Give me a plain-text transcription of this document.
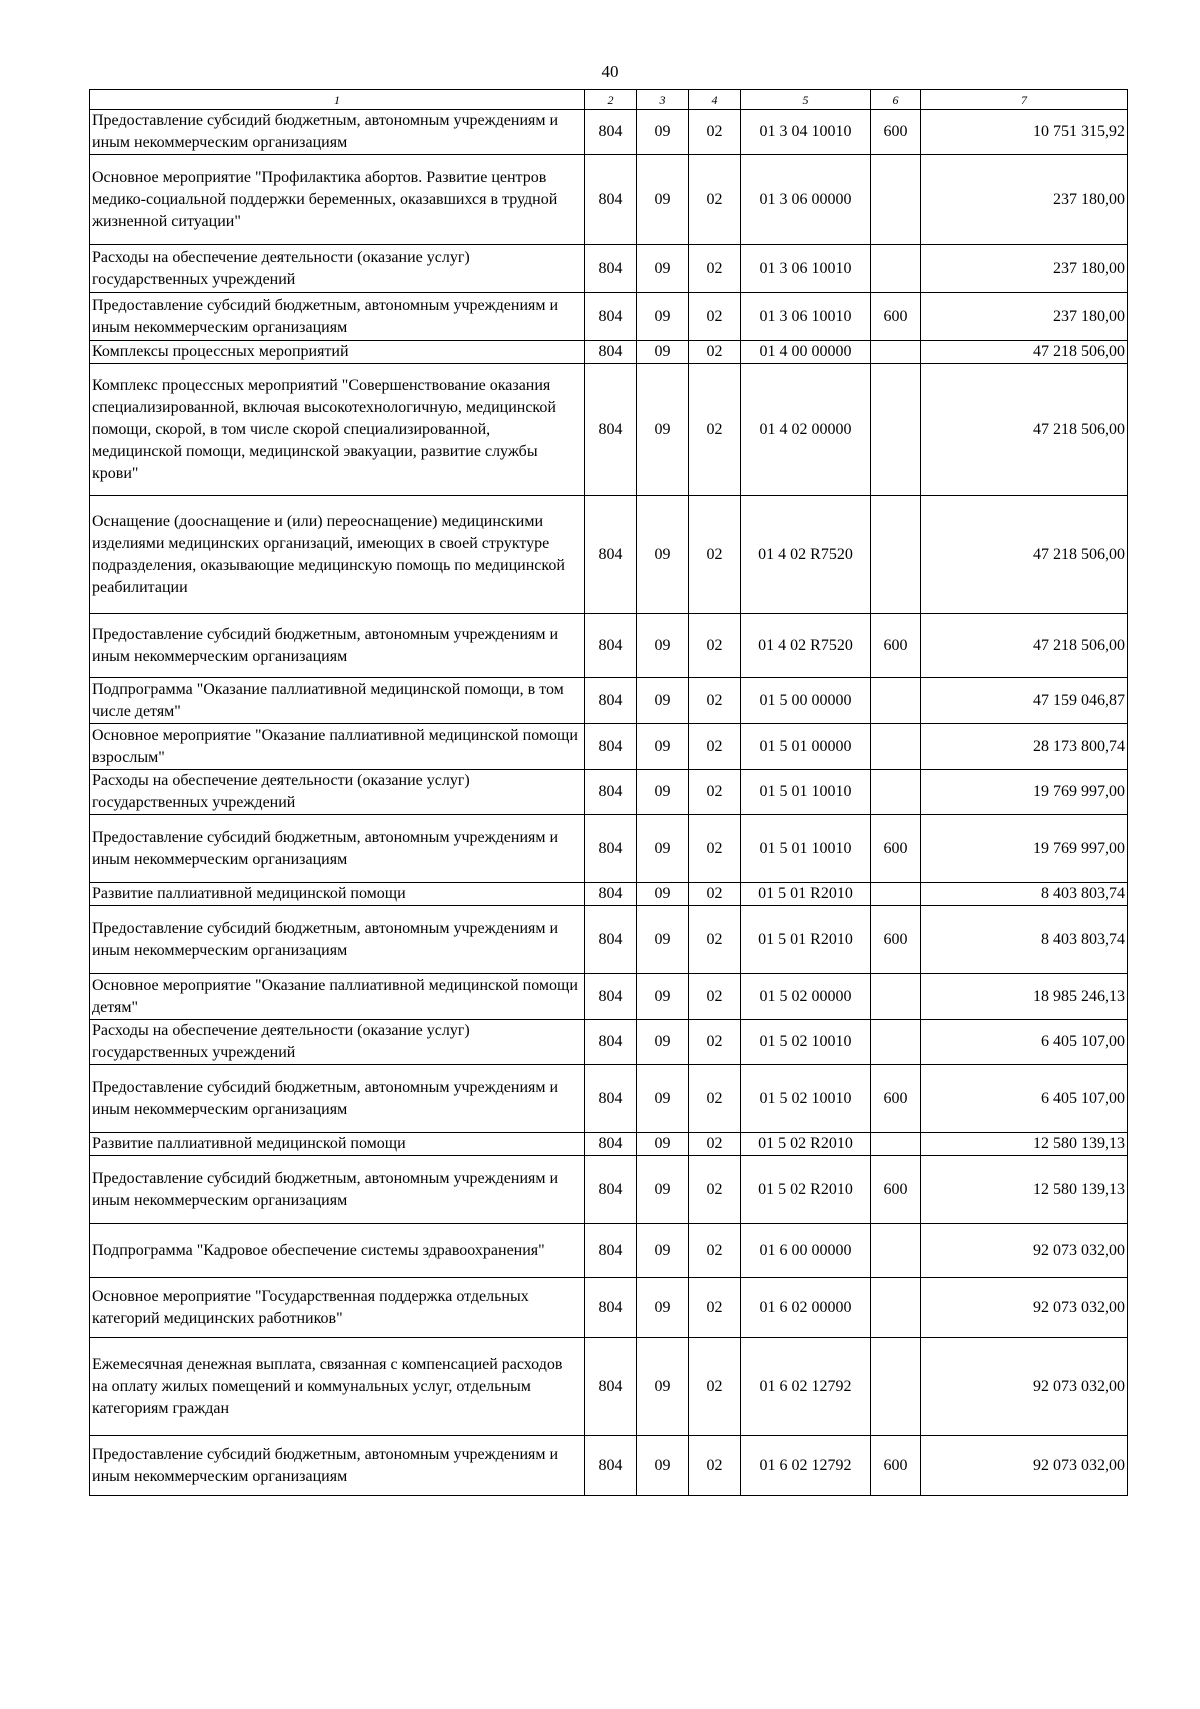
40
1	2	3	4	5	6	7
Предоставление субсидий бюджетным, автономным учреждениям и иным некоммерческим организациям	804	09	02	01 3 04 10010	600	10 751 315,92
Основное мероприятие "Профилактика абортов. Развитие центров медико-социальной поддержки беременных, оказавшихся в трудной жизненной ситуации"	804	09	02	01 3 06 00000		237 180,00
Расходы на обеспечение деятельности (оказание услуг) государственных учреждений	804	09	02	01 3 06 10010		237 180,00
Предоставление субсидий бюджетным, автономным учреждениям и иным некоммерческим организациям	804	09	02	01 3 06 10010	600	237 180,00
Комплексы процессных мероприятий	804	09	02	01 4 00 00000		47 218 506,00
Комплекс процессных мероприятий "Совершенствование оказания специализированной, включая высокотехнологичную, медицинской помощи, скорой, в том числе скорой специализированной, медицинской помощи, медицинской эвакуации, развитие службы крови"	804	09	02	01 4 02 00000		47 218 506,00
Оснащение (дооснащение и (или) переоснащение) медицинскими изделиями медицинских организаций, имеющих в своей структуре подразделения, оказывающие медицинскую помощь по медицинской реабилитации	804	09	02	01 4 02 R7520		47 218 506,00
Предоставление субсидий бюджетным, автономным учреждениям и иным некоммерческим организациям	804	09	02	01 4 02 R7520	600	47 218 506,00
Подпрограмма "Оказание паллиативной медицинской помощи, в том числе детям"	804	09	02	01 5 00 00000		47 159 046,87
Основное мероприятие "Оказание паллиативной медицинской помощи взрослым"	804	09	02	01 5 01 00000		28 173 800,74
Расходы на обеспечение деятельности (оказание услуг) государственных учреждений	804	09	02	01 5 01 10010		19 769 997,00
Предоставление субсидий бюджетным, автономным учреждениям и иным некоммерческим организациям	804	09	02	01 5 01 10010	600	19 769 997,00
Развитие паллиативной медицинской помощи	804	09	02	01 5 01 R2010		8 403 803,74
Предоставление субсидий бюджетным, автономным учреждениям и иным некоммерческим организациям	804	09	02	01 5 01 R2010	600	8 403 803,74
Основное мероприятие "Оказание паллиативной медицинской помощи детям"	804	09	02	01 5 02 00000		18 985 246,13
Расходы на обеспечение деятельности (оказание услуг) государственных учреждений	804	09	02	01 5 02 10010		6 405 107,00
Предоставление субсидий бюджетным, автономным учреждениям и иным некоммерческим организациям	804	09	02	01 5 02 10010	600	6 405 107,00
Развитие паллиативной медицинской помощи	804	09	02	01 5 02 R2010		12 580 139,13
Предоставление субсидий бюджетным, автономным учреждениям и иным некоммерческим организациям	804	09	02	01 5 02 R2010	600	12 580 139,13
Подпрограмма "Кадровое обеспечение системы здравоохранения"	804	09	02	01 6 00 00000		92 073 032,00
Основное мероприятие "Государственная поддержка отдельных категорий медицинских работников"	804	09	02	01 6 02 00000		92 073 032,00
Ежемесячная денежная выплата, связанная с компенсацией расходов на оплату жилых помещений и коммунальных услуг, отдельным категориям граждан	804	09	02	01 6 02 12792		92 073 032,00
Предоставление субсидий бюджетным, автономным учреждениям и иным некоммерческим организациям	804	09	02	01 6 02 12792	600	92 073 032,00
